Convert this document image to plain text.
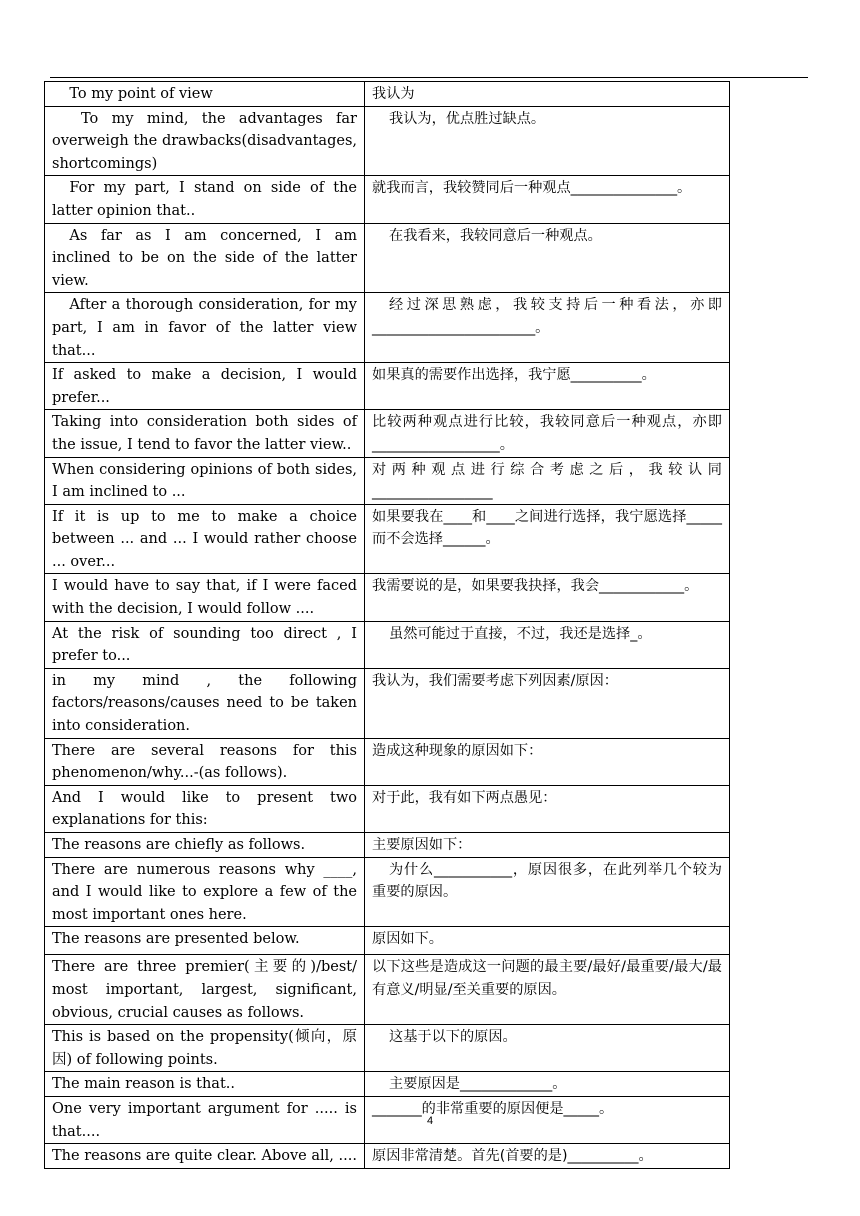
To my point of view	我认为
To my mind, the advantages far overweigh the drawbacks(disadvantages, shortcomings)	我认为，优点胜过缺点。
For my part, I stand on side of the latter opinion that..	就我而言，我较赞同后一种观点_______________。
As far as I am concerned, I am inclined to be on the side of the latter view.	在我看来，我较同意后一种观点。
After a thorough consideration, for my part, I am in favor of the latter view that...	经过深思熟虑，我较支持后一种看法，亦即_______________________。
If asked to make a decision, I would prefer...	如果真的需要作出选择，我宁愿__________。
Taking into consideration both sides of the issue, I tend to favor the latter view..	比较两种观点进行比较，我较同意后一种观点，亦即__________________。
When considering opinions of both sides, I am inclined to ...	对两种观点进行综合考虑之后，我较认同_________________
If it is up to me to make a choice between ... and ... I would rather choose ... over...	如果要我在____和____之间进行选择，我宁愿选择_____而不会选择______。
I would have to say that, if I were faced with the decision, I would follow ....	我需要说的是，如果要我抉择，我会____________。
At the risk of sounding too direct , I prefer to...	虽然可能过于直接，不过，我还是选择_。
in my mind , the following factors/reasons/causes need to be taken into consideration.	我认为，我们需要考虑下列因素/原因：
There are several reasons for this phenomenon/why...-(as follows).	造成这种现象的原因如下：
And I would like to present two explanations for this:	对于此，我有如下两点愚见：
The reasons are chiefly as follows.	主要原因如下：
There are numerous reasons why ____, and I would like to explore a few of the most important ones here.	为什么___________，原因很多，在此列举几个较为重要的原因。
The reasons are presented below.	原因如下。
There are three premier(主要的)/best/ most important, largest, significant, obvious, crucial causes as follows.	以下这些是造成这一问题的最主要/最好/最重要/最大/最有意义/明显/至关重要的原因。
This is based on the propensity(倾向，原因) of following points.	这基于以下的原因。
The main reason is that..	主要原因是_____________。
One very important argument for ..... is that....	_______的非常重要的原因便是_____。
The reasons are quite clear. Above all, ....	原因非常清楚。首先(首要的是)__________。
4
